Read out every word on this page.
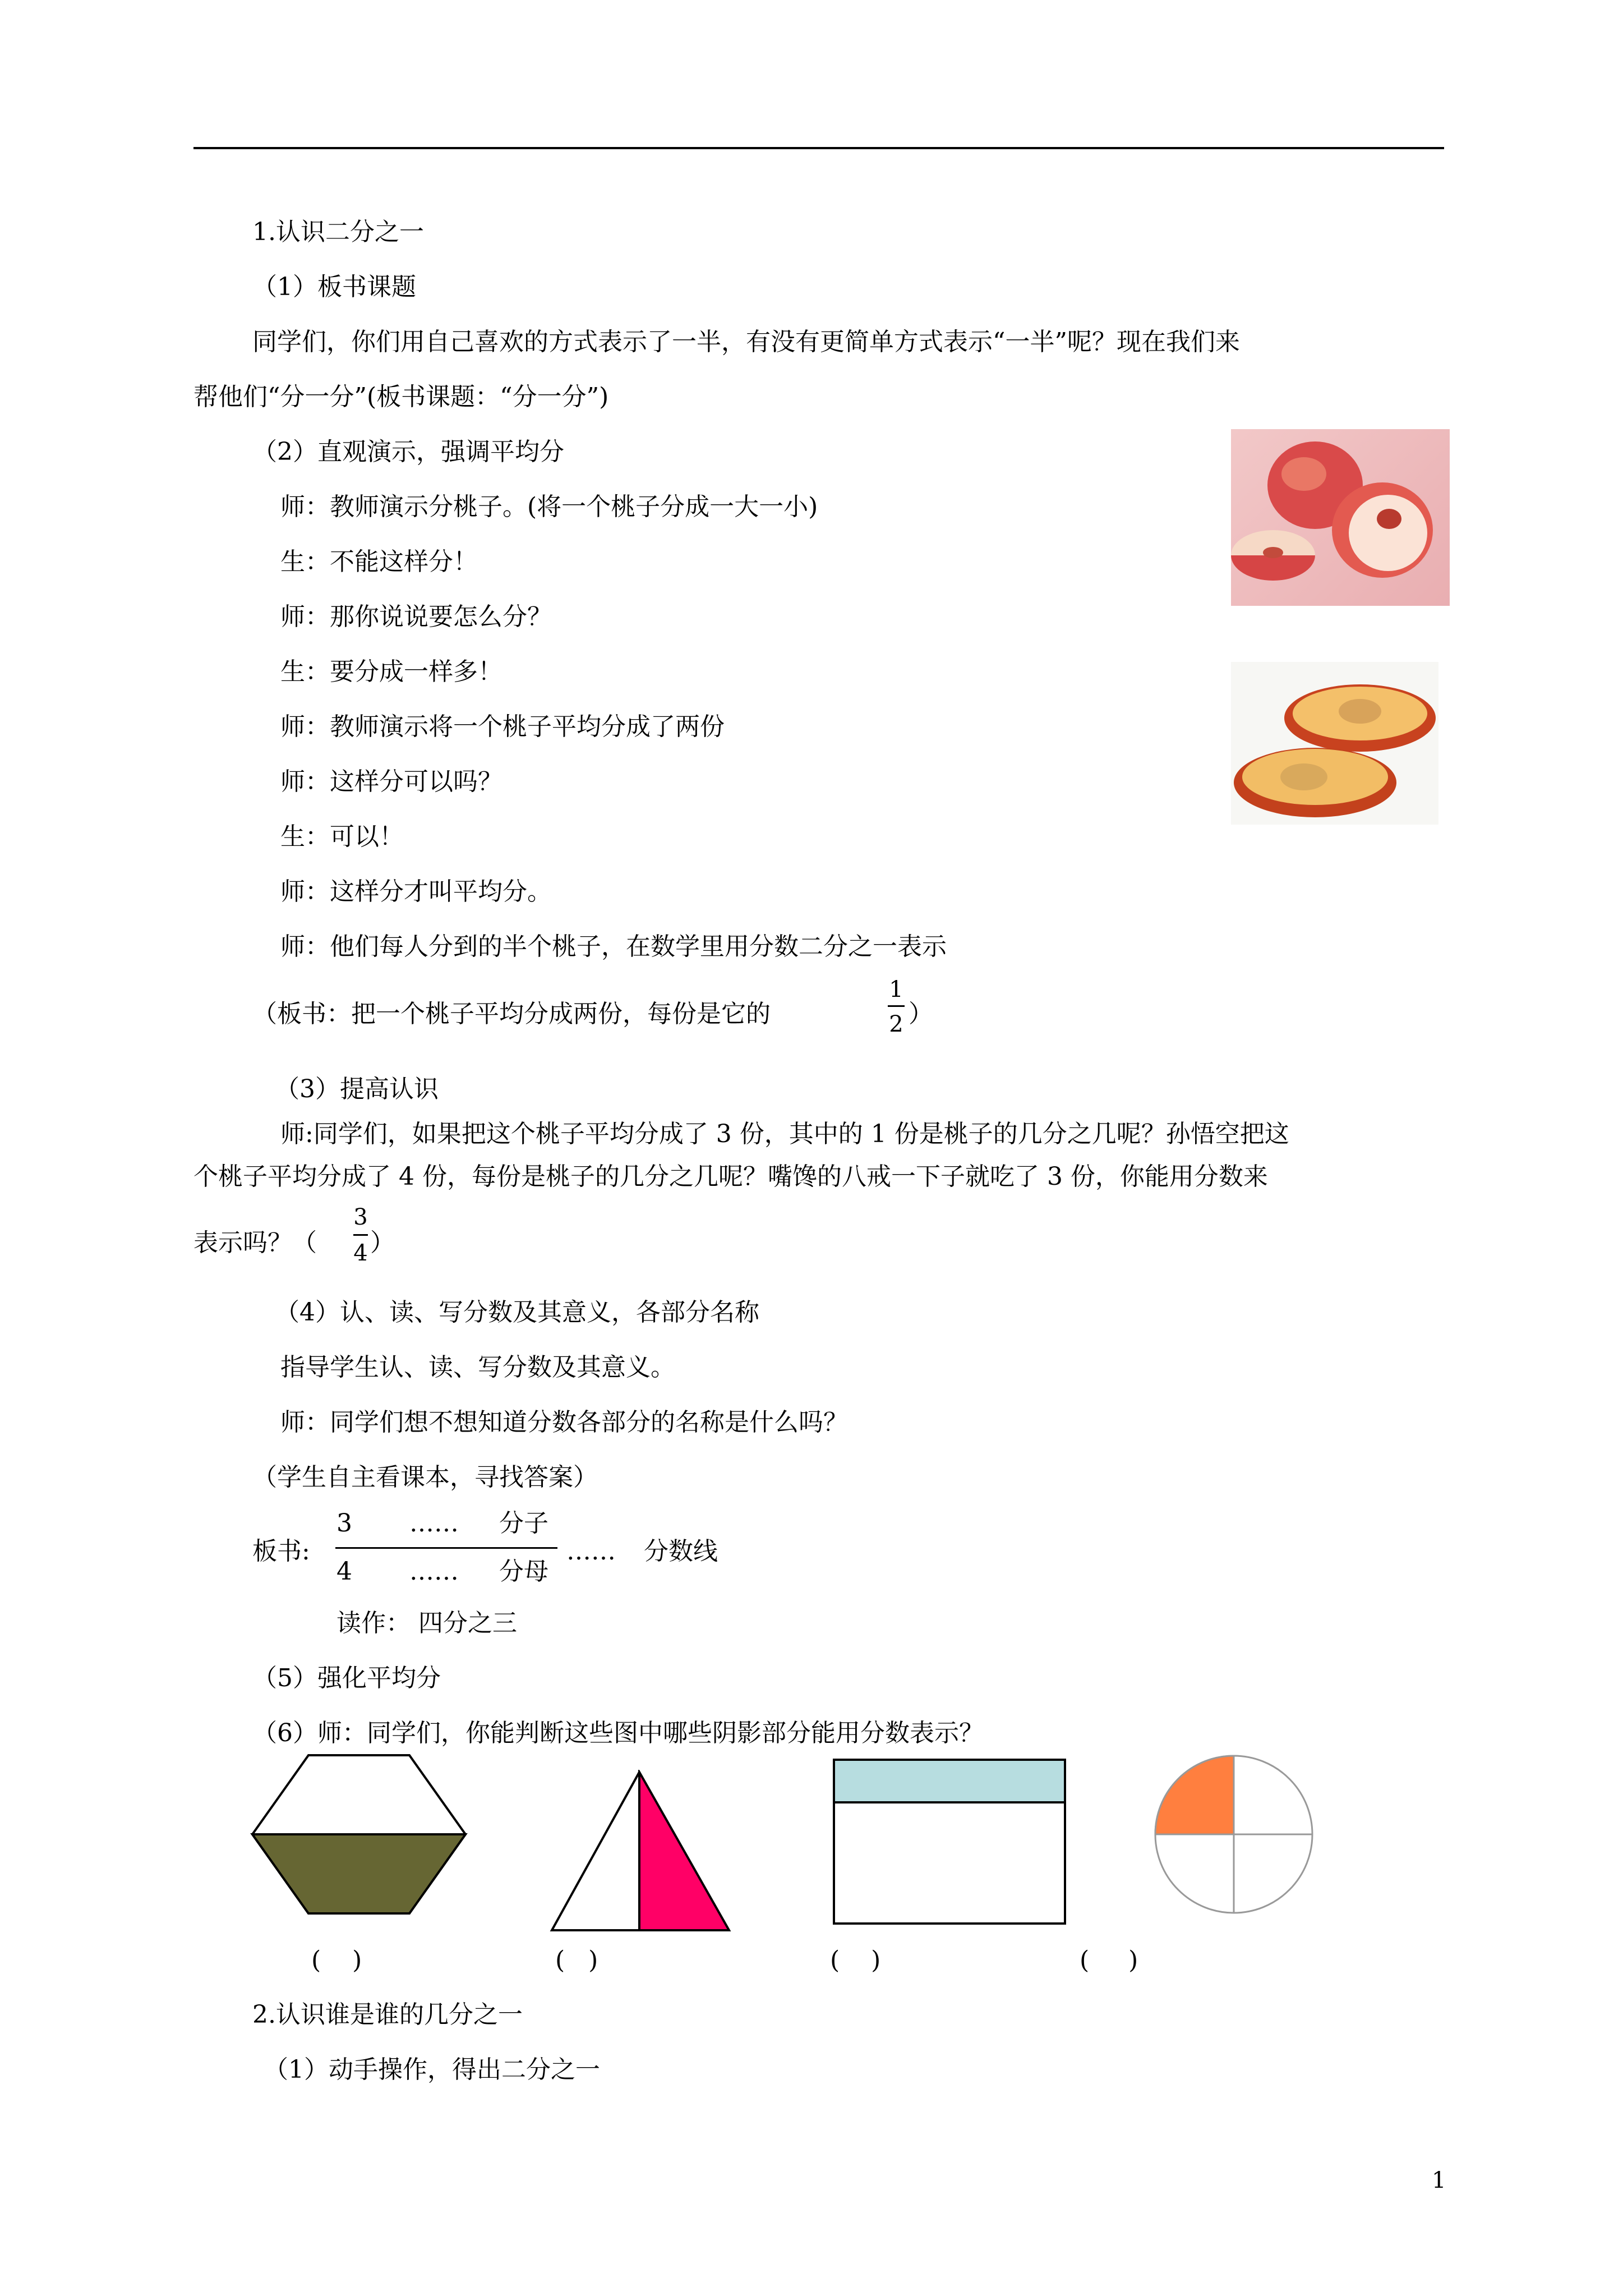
1.认识二分之一
（1）板书课题
同学们，你们用自己喜欢的方式表示了一半，有没有更简单方式表示“一半”呢？现在我们来
帮他们“分一分”(板书课题：“分一分”)
（2）直观演示，强调平均分
师：教师演示分桃子。(将一个桃子分成一大一小)
生：不能这样分！
师：那你说说要怎么分？
生：要分成一样多！
师：教师演示将一个桃子平均分成了两份
师：这样分可以吗？
生：可以！
师：这样分才叫平均分。
师：他们每人分到的半个桃子，在数学里用分数二分之一表示
（板书：把一个桃子平均分成两份，每份是它的
1
2 ）
（3）提高认识
师:同学们，如果把这个桃子平均分成了 3 份，其中的 1 份是桃子的几分之几呢？孙悟空把这
个桃子平均分成了 4 份，每份是桃子的几分之几呢？嘴馋的八戒一下子就吃了 3 份，你能用分数来
表示吗？（
3
4 ）
（4）认、读、写分数及其意义，各部分名称
指导学生认、读、写分数及其意义。
师：同学们想不想知道分数各部分的名称是什么吗？
（学生自主看课本，寻找答案）
板书:
3 …… 分子
…… 分数线
4 …… 分母
读作： 四分之三
（5）强化平均分
（6）师：同学们，你能判断这些图中哪些阴影部分能用分数表示？
(    )	(   )	(    )	(     )
2.认识谁是谁的几分之一
（1）动手操作，得出二分之一
1
